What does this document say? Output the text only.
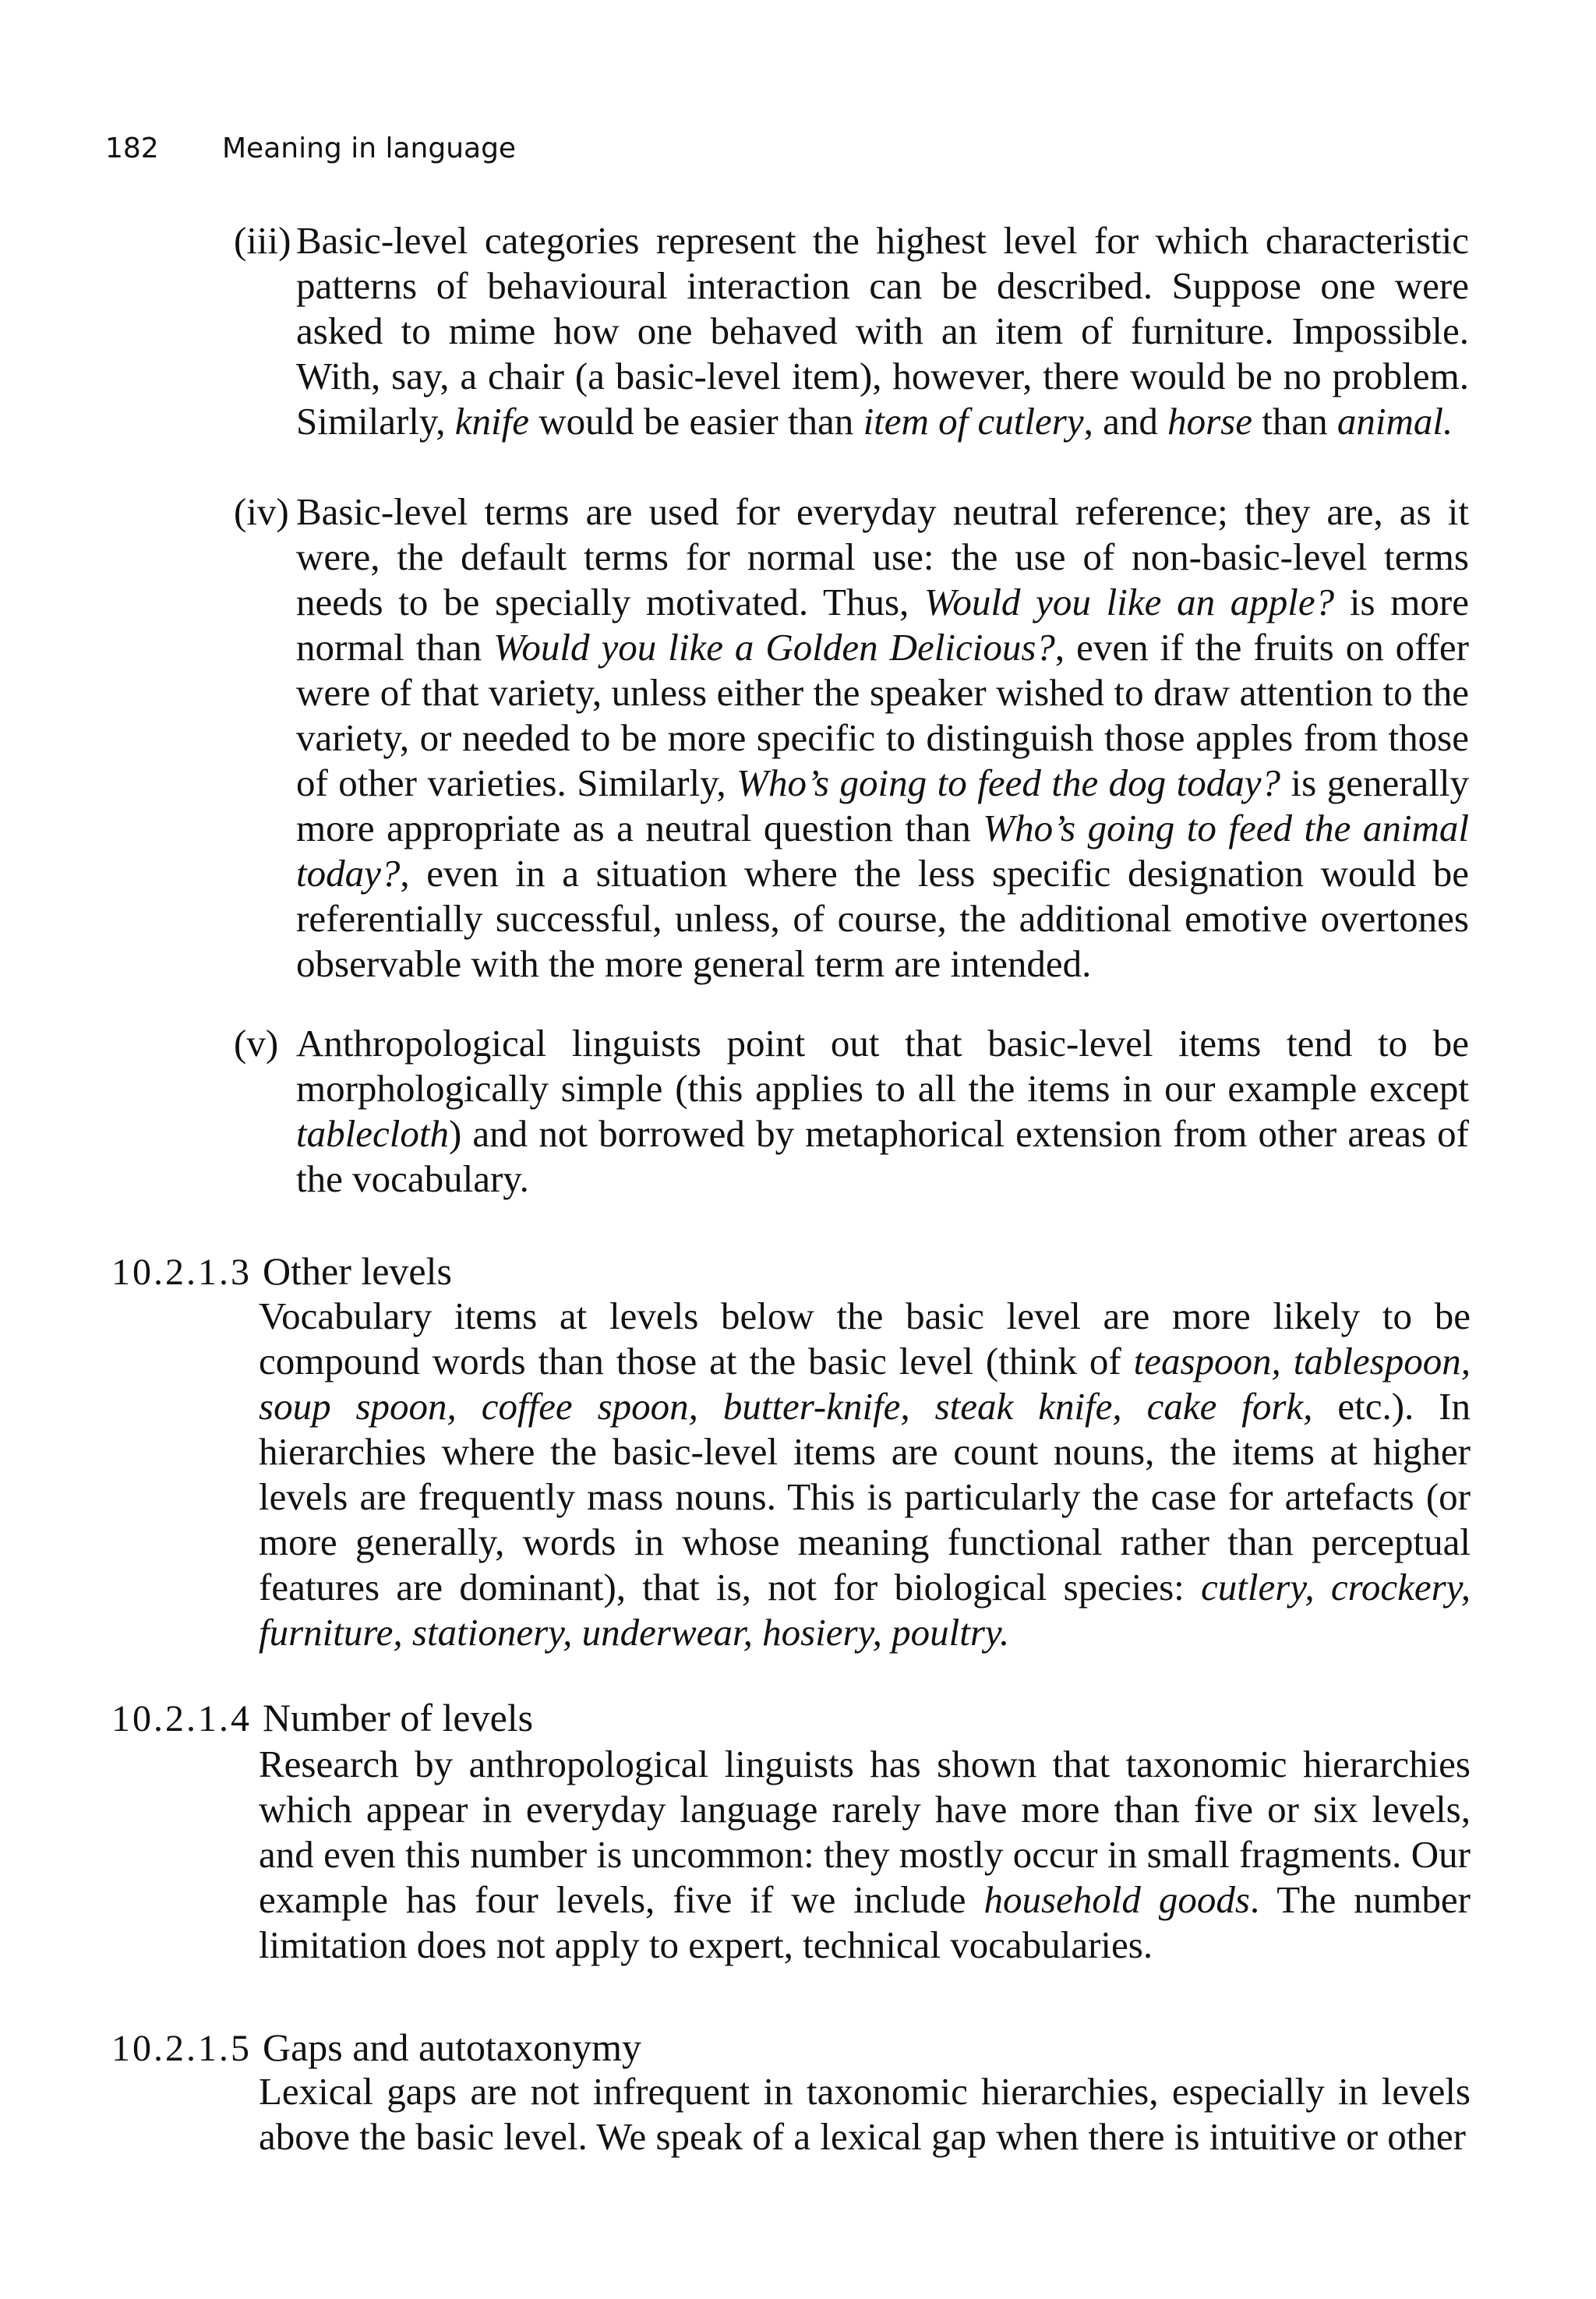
182 Meaning in language
(iii) Basic-level categories represent the highest level for which characteristic patterns of behavioural interaction can be described. Suppose one were asked to mime how one behaved with an item of furniture. Impossible. With, say, a chair (a basic-level item), however, there would be no problem. Similarly, knife would be easier than item of cutlery, and horse than animal.

(iv) Basic-level terms are used for everyday neutral reference; they are, as it were, the default terms for normal use: the use of non-basic-level terms needs to be specially motivated. Thus, Would you like an apple? is more normal than Would you like a Golden Delicious?, even if the fruits on offer were of that variety, unless either the speaker wished to draw attention to the variety, or needed to be more specific to distinguish those apples from those of other varieties. Similarly, Who’s going to feed the dog today? is generally more appropriate as a neutral question than Who’s going to feed the animal today?, even in a situation where the less specific designation would be referentially successful, unless, of course, the additional emotive overtones observable with the more general term are intended.

(v) Anthropological linguists point out that basic-level items tend to be morphologically simple (this applies to all the items in our example except tablecloth) and not borrowed by metaphorical extension from other areas of the vocabulary.

10.2.1.3 Other levels

Vocabulary items at levels below the basic level are more likely to be compound words than those at the basic level (think of teaspoon, tablespoon, soup spoon, coffee spoon, butter-knife, steak knife, cake fork, etc.). In hierarchies where the basic-level items are count nouns, the items at higher levels are frequently mass nouns. This is particularly the case for artefacts (or more generally, words in whose meaning functional rather than perceptual features are dominant), that is, not for biological species: cutlery, crockery, furniture, stationery, underwear, hosiery, poultry.

10.2.1.4 Number of levels

Research by anthropological linguists has shown that taxonomic hierarchies which appear in everyday language rarely have more than five or six levels, and even this number is uncommon: they mostly occur in small fragments. Our example has four levels, five if we include household goods. The number limitation does not apply to expert, technical vocabularies.

10.2.1.5 Gaps and autotaxonymy

Lexical gaps are not infrequent in taxonomic hierarchies, especially in levels above the basic level. We speak of a lexical gap when there is intuitive or other
